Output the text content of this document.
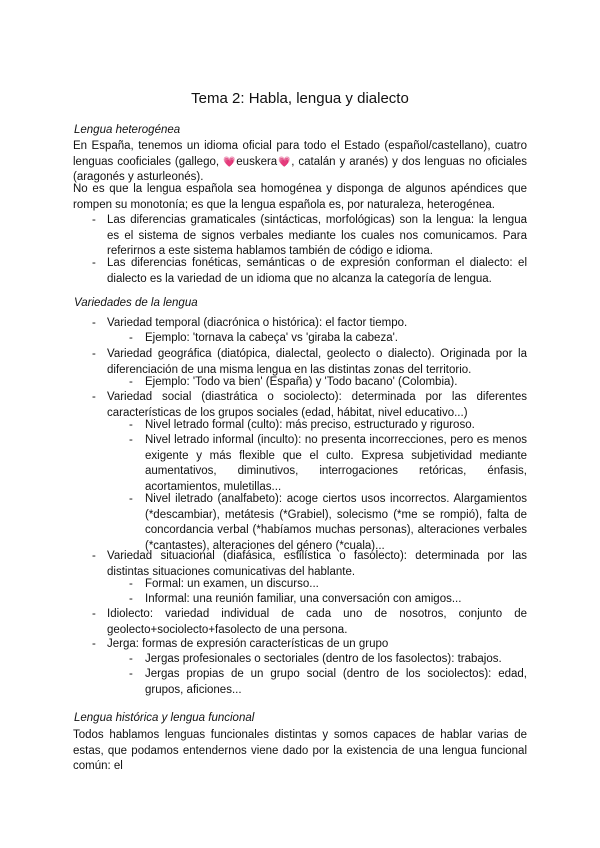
Tema 2: Habla, lengua y dialecto
Lengua heterogénea
En España, tenemos un idioma oficial para todo el Estado (español/castellano), cuatro lenguas cooficiales (gallego, 💗euskera💗, catalán y aranés) y dos lenguas no oficiales (aragonés y asturleonés).
No es que la lengua española sea homogénea y disponga de algunos apéndices que rompen su monotonía; es que la lengua española es, por naturaleza, heterogénea.
- Las diferencias gramaticales (sintácticas, morfológicas) son la lengua: la lengua es el sistema de signos verbales mediante los cuales nos comunicamos. Para referirnos a este sistema hablamos también de código e idioma.
- Las diferencias fonéticas, semánticas o de expresión conforman el dialecto: el dialecto es la variedad de un idioma que no alcanza la categoría de lengua.
Variedades de la lengua
- Variedad temporal (diacrónica o histórica): el factor tiempo.
- Ejemplo: 'tornava la cabeça' vs 'giraba la cabeza'.
- Variedad geográfica (diatópica, dialectal, geolecto o dialecto). Originada por la diferenciación de una misma lengua en las distintas zonas del territorio.
- Ejemplo: 'Todo va bien' (España) y 'Todo bacano' (Colombia).
- Variedad social (diastrática o sociolecto): determinada por las diferentes características de los grupos sociales (edad, hábitat, nivel educativo...)
- Nivel letrado formal (culto): más preciso, estructurado y riguroso.
- Nivel letrado informal (inculto): no presenta incorrecciones, pero es menos exigente y más flexible que el culto. Expresa subjetividad mediante aumentativos, diminutivos, interrogaciones retóricas, énfasis, acortamientos, muletillas...
- Nivel iletrado (analfabeto): acoge ciertos usos incorrectos. Alargamientos (*descambiar), metátesis (*Grabiel), solecismo (*me se rompió), falta de concordancia verbal (*habíamos muchas personas), alteraciones verbales (*cantastes), alteraciones del género (*cuala)...
- Variedad situacional (diafásica, estilística o fasolecto): determinada por las distintas situaciones comunicativas del hablante.
- Formal: un examen, un discurso...
- Informal: una reunión familiar, una conversación con amigos...
- Idiolecto: variedad individual de cada uno de nosotros, conjunto de geolecto+sociolecto+fasolecto de una persona.
- Jerga: formas de expresión características de un grupo
- Jergas profesionales o sectoriales (dentro de los fasolectos): trabajos.
- Jergas propias de un grupo social (dentro de los sociolectos): edad, grupos, aficiones...
Lengua histórica y lengua funcional
Todos hablamos lenguas funcionales distintas y somos capaces de hablar varias de estas, que podamos entendernos viene dado por la existencia de una lengua funcional común: el
